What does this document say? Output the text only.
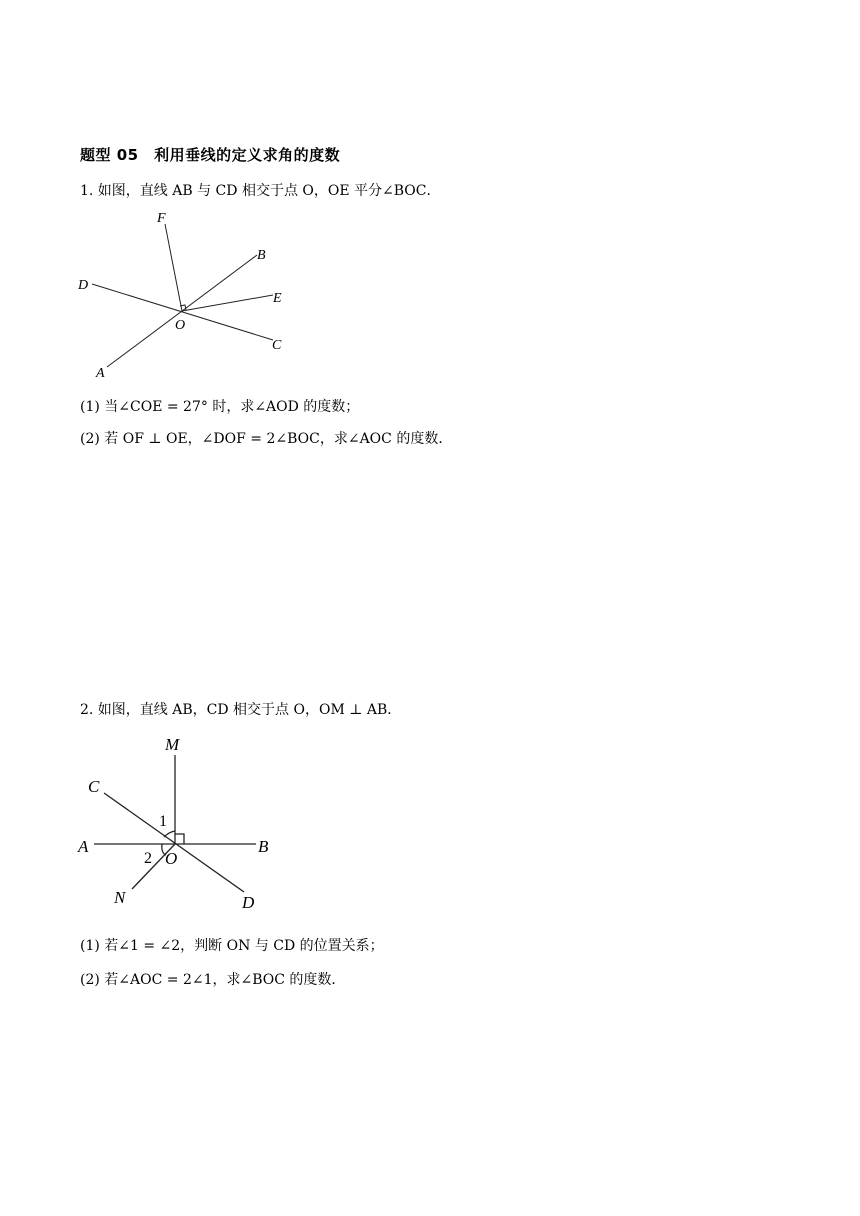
题型 05　利用垂线的定义求角的度数
1. 如图，直线 AB 与 CD 相交于点 O，OE 平分∠BOC．
F
B
D
E
O
C
A
(1) 当∠COE = 27° 时，求∠AOD 的度数；
(2) 若 OF ⊥ OE，∠DOF = 2∠BOC，求∠AOC 的度数．
2. 如图，直线 AB，CD 相交于点 O，OM ⊥ AB．
M
C
1
A	B
2 O
N	D
(1) 若∠1 = ∠2，判断 ON 与 CD 的位置关系；
(2) 若∠AOC = 2∠1，求∠BOC 的度数．
